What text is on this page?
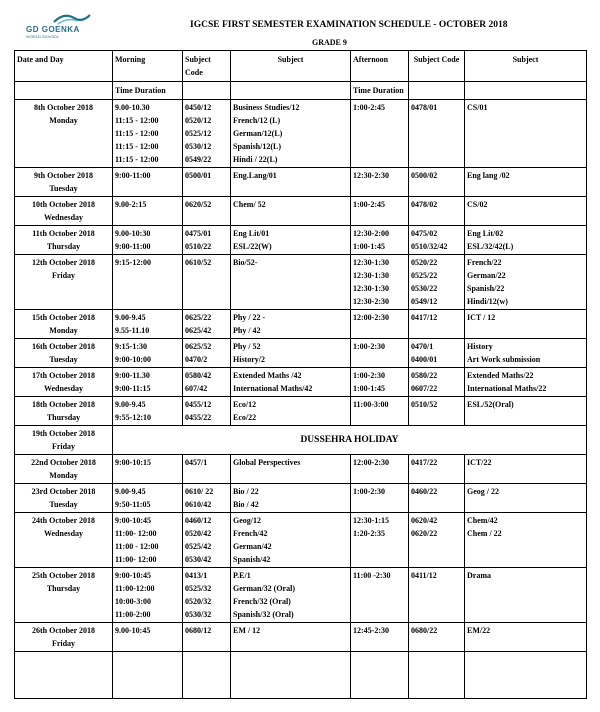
GD GOENKA
WORLD SCHOOL
IGCSE FIRST SEMESTER EXAMINATION SCHEDULE - OCTOBER 2018
GRADE 9
Date and Day	Morning	Subject Code	Subject	Afternoon	Subject Code	Subject
	Time Duration			Time Duration		

8th October 2018
Monday	9.00-10.30
11:15 - 12:00
11:15 - 12:00
11:15 - 12:00
11:15 - 12:00	0450/12
0520/12
0525/12
0530/12
0549/22	Business Studies/12
French/12 (L)
German/12(L)
Spanish/12(L)
Hindi / 22(L)	1:00-2:45	0478/01	CS/01

9th October 2018
Tuesday	9:00-11:00	0500/01	Eng.Lang/01	12:30-2:30	0500/02	Eng lang /02

10th October 2018
Wednesday	9.00-2:15	0620/52	Chem/ 52	1:00-2:45	0478/02	CS/02

11th October 2018
Thursday	9.00-10:30
9:00-11:00	0475/01
0510/22	Eng Lit/01
ESL/22(W)	12:30-2:00
1:00-1:45	0475/02
0510/32/42	Eng Lit/02
ESL/32/42(L)

12th October 2018
Friday	9:15-12:00	0610/52	Bio/52-	12:30-1:30
12:30-1:30
12:30-1:30
12:30-2:30	0520/22
0525/22
0530/22
0549/12	French/22
German/22
Spanish/22
Hindi/12(w)

15th October 2018
Monday	9.00-9.45
9.55-11.10	0625/22
0625/42	Phy / 22 -
Phy / 42	12:00-2:30	0417/12	ICT / 12

16th October 2018
Tuesday	9:15-1:30
9:00-10:00	0625/52
0470/2	Phy / 52
History/2	1:00-2:30	0470/1
0400/01	History
Art Work submission

17th October 2018
Wednesday	9:00-11.30
9:00-11:15	0580/42
607/42	Extended Maths /42
International Maths/42	1:00-2:30
1:00-1:45	0580/22
0607/22	Extended Maths/22
International Maths/22

18th October 2018
Thursday	9.00-9.45
9:55-12:10	0455/12
0455/22	Eco/12
Eco/22	11:00-3:00	0510/52	ESL/52(Oral)

19th October 2018
Friday	DUSSEHRA HOLIDAY					

22nd October 2018
Monday	9:00-10:15	0457/1	Global Perspectives	12:00-2:30	0417/22	ICT/22

23rd October 2018
Tuesday	9.00-9.45
9:50-11:05	0610/ 22
0610/42	Bio / 22
Bio / 42	1:00-2:30	0460/22	Geog / 22

24th October 2018
Wednesday	9:00-10:45
11:00- 12:00
11:00 - 12:00
11:00- 12:00	0460/12
0520/42
0525/42
0530/42	Geog/12
French/42
German/42
Spanish/42	12:30-1:15
1:20-2:35	0620/42
0620/22	Chem/42
Chem / 22

25th October 2018
Thursday	9:00-10:45
11:00-12:00
10:00-3:00
11:00-2:00	0413/1
0525/32
0520/32
0530/32	P.E/1
German/32 (Oral)
French/32 (Oral)
Spanish/32 (Oral)	11:00 -2:30	0411/12	Drama

26th October 2018
Friday	9.00-10:45	0680/12	EM / 12	12:45-2:30	0680/22	EM/22
